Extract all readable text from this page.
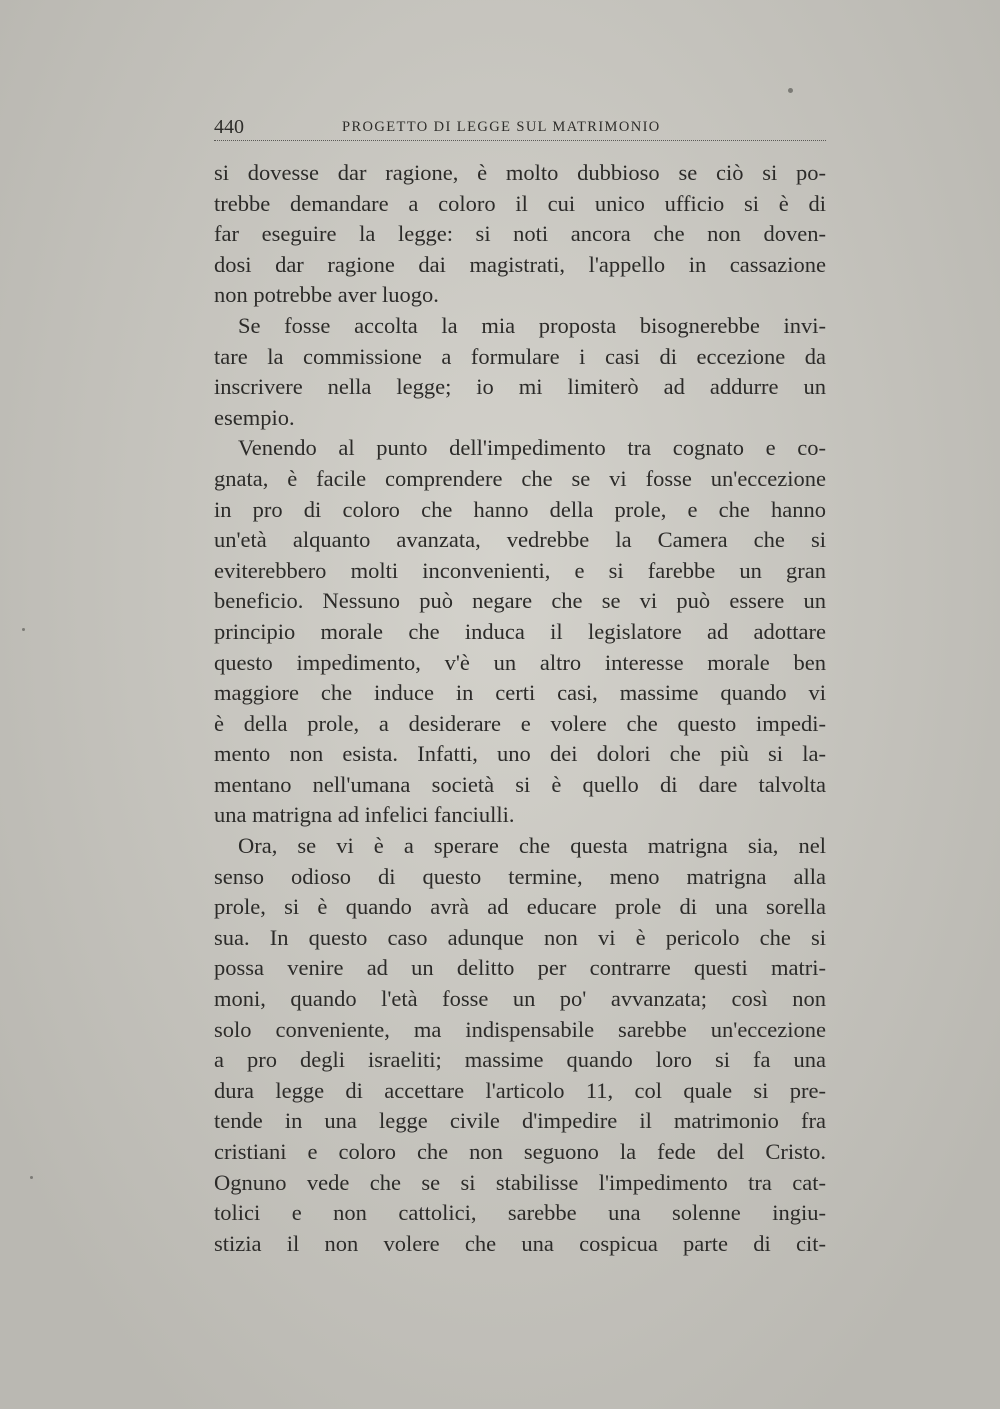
440	PROGETTO DI LEGGE SUL MATRIMONIO
si dovesse dar ragione, è molto dubbioso se ciò si po-
trebbe demandare a coloro il cui unico ufficio si è di
far eseguire la legge: si noti ancora che non doven-
dosi dar ragione dai magistrati, l'appello in cassazione
non potrebbe aver luogo.
Se fosse accolta la mia proposta bisognerebbe invi-
tare la commissione a formulare i casi di eccezione da
inscrivere nella legge; io mi limiterò ad addurre un
esempio.
Venendo al punto dell'impedimento tra cognato e co-
gnata, è facile comprendere che se vi fosse un'eccezione
in pro di coloro che hanno della prole, e che hanno
un'età alquanto avanzata, vedrebbe la Camera che si
eviterebbero molti inconvenienti, e si farebbe un gran
beneficio. Nessuno può negare che se vi può essere un
principio morale che induca il legislatore ad adottare
questo impedimento, v'è un altro interesse morale ben
maggiore che induce in certi casi, massime quando vi
è della prole, a desiderare e volere che questo impedi-
mento non esista. Infatti, uno dei dolori che più si la-
mentano nell'umana società si è quello di dare talvolta
una matrigna ad infelici fanciulli.
Ora, se vi è a sperare che questa matrigna sia, nel
senso odioso di questo termine, meno matrigna alla
prole, si è quando avrà ad educare prole di una sorella
sua. In questo caso adunque non vi è pericolo che si
possa venire ad un delitto per contrarre questi matri-
moni, quando l'età fosse un po' avvanzata; così non
solo conveniente, ma indispensabile sarebbe un'eccezione
a pro degli israeliti; massime quando loro si fa una
dura legge di accettare l'articolo 11, col quale si pre-
tende in una legge civile d'impedire il matrimonio fra
cristiani e coloro che non seguono la fede del Cristo.
Ognuno vede che se si stabilisse l'impedimento tra cat-
tolici e non cattolici, sarebbe una solenne ingiu-
stizia il non volere che una cospicua parte di cit-
